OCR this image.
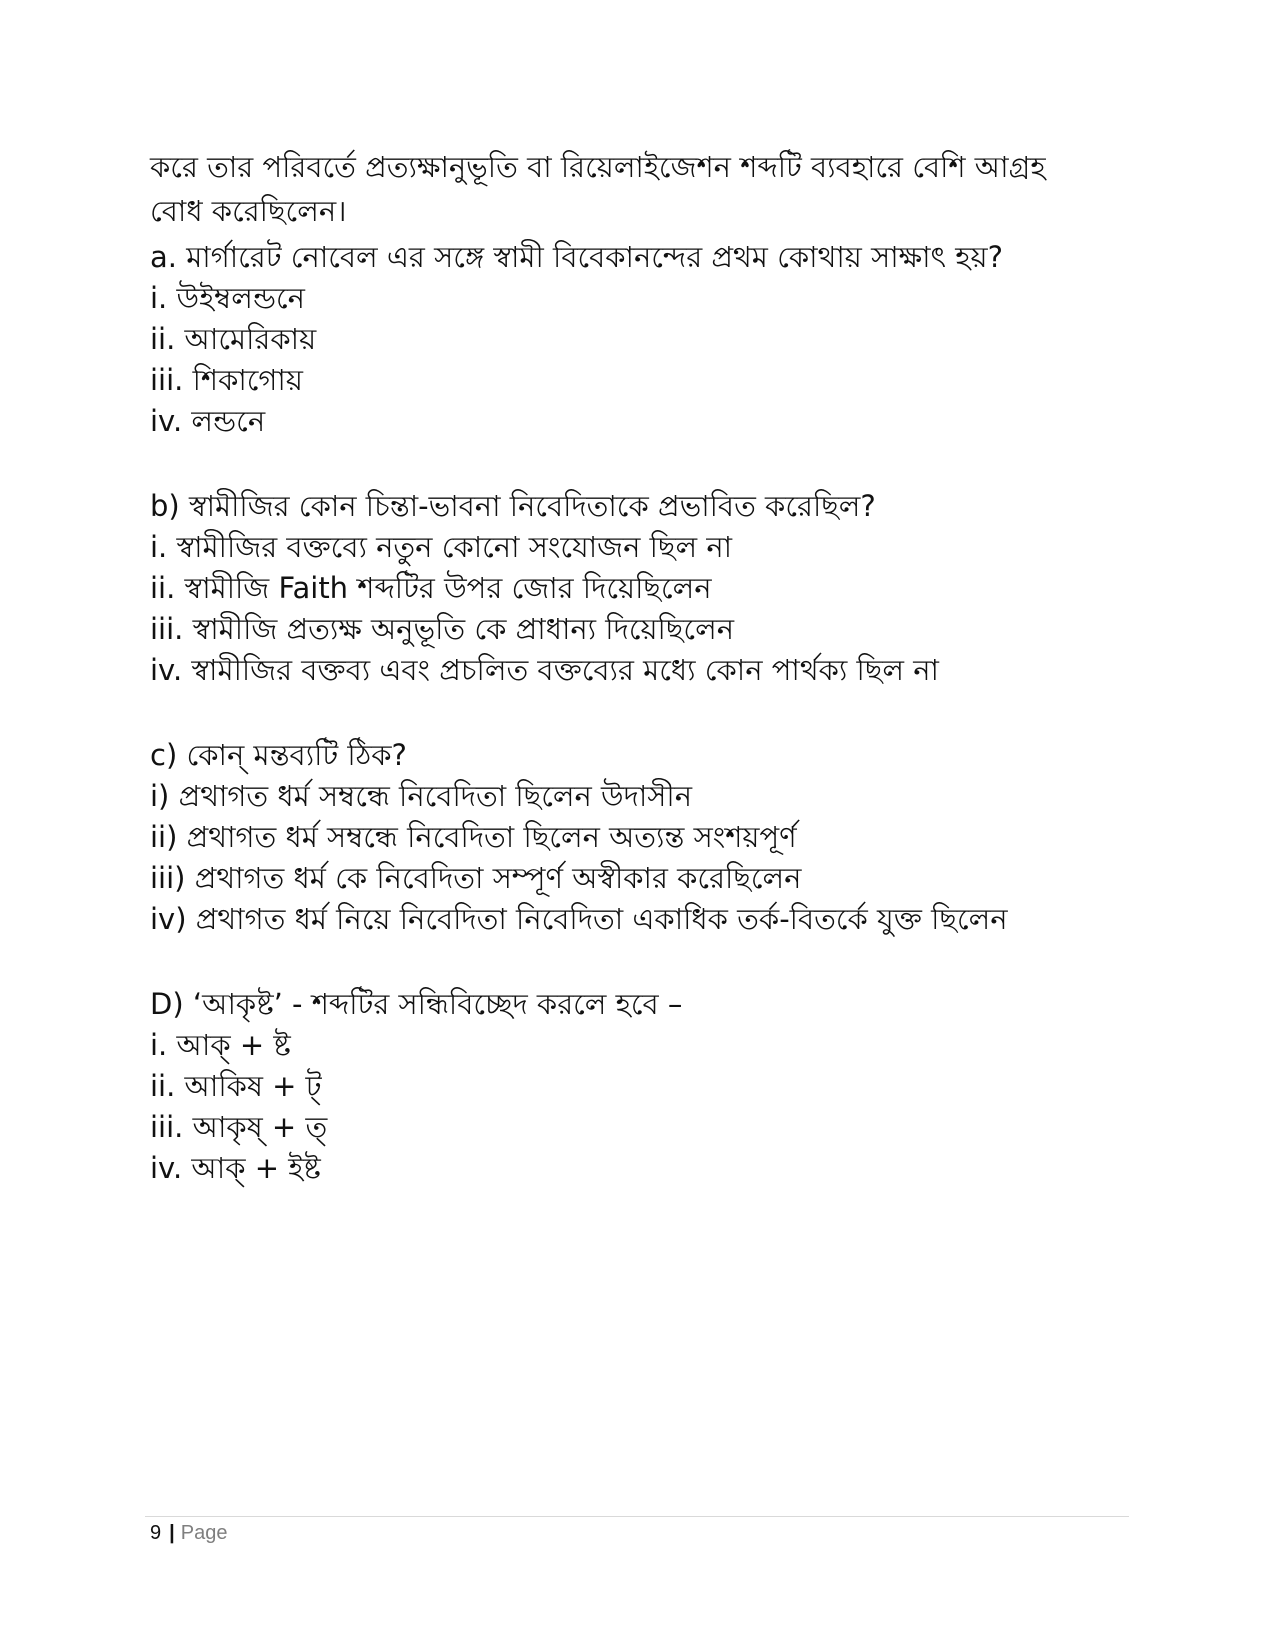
করে তার পরিবর্তে প্রত্যক্ষানুভূতি বা রিয়েলাইজেশন শব্দটি ব্যবহারে বেশি আগ্রহ
বোধ করেছিলেন।
a. মার্গারেট নোবেল এর সঙ্গে স্বামী বিবেকানন্দের প্রথম কোথায় সাক্ষাৎ হয়?
i. উইম্বলন্ডনে
ii. আমেরিকায়
iii. শিকাগোয়
iv. লন্ডনে
b) স্বামীজির কোন চিন্তা-ভাবনা নিবেদিতাকে প্রভাবিত করেছিল?
i. স্বামীজির বক্তব্যে নতুন কোনো সংযোজন ছিল না
ii. স্বামীজি Faith শব্দটির উপর জোর দিয়েছিলেন
iii. স্বামীজি প্রত্যক্ষ অনুভূতি কে প্রাধান্য দিয়েছিলেন
iv. স্বামীজির বক্তব্য এবং প্রচলিত বক্তব্যের মধ্যে কোন পার্থক্য ছিল না
c) কোন্ মন্তব্যটি ঠিক?
i) প্রথাগত ধর্ম সম্বন্ধে নিবেদিতা ছিলেন উদাসীন
ii) প্রথাগত ধর্ম সম্বন্ধে নিবেদিতা ছিলেন অত্যন্ত সংশয়পূর্ণ
iii) প্রথাগত ধর্ম কে নিবেদিতা সম্পূর্ণ অস্বীকার করেছিলেন
iv) প্রথাগত ধর্ম নিয়ে নিবেদিতা নিবেদিতা একাধিক তর্ক-বিতর্কে যুক্ত ছিলেন
D) ‘আকৃষ্ট’ - শব্দটির সন্ধিবিচ্ছেদ করলে হবে –
i. আক্ + ষ্ট
ii. আকিষ + ট্
iii. আকৃষ্ + ত্
iv. আক্ + ইষ্ট
9 | Page
